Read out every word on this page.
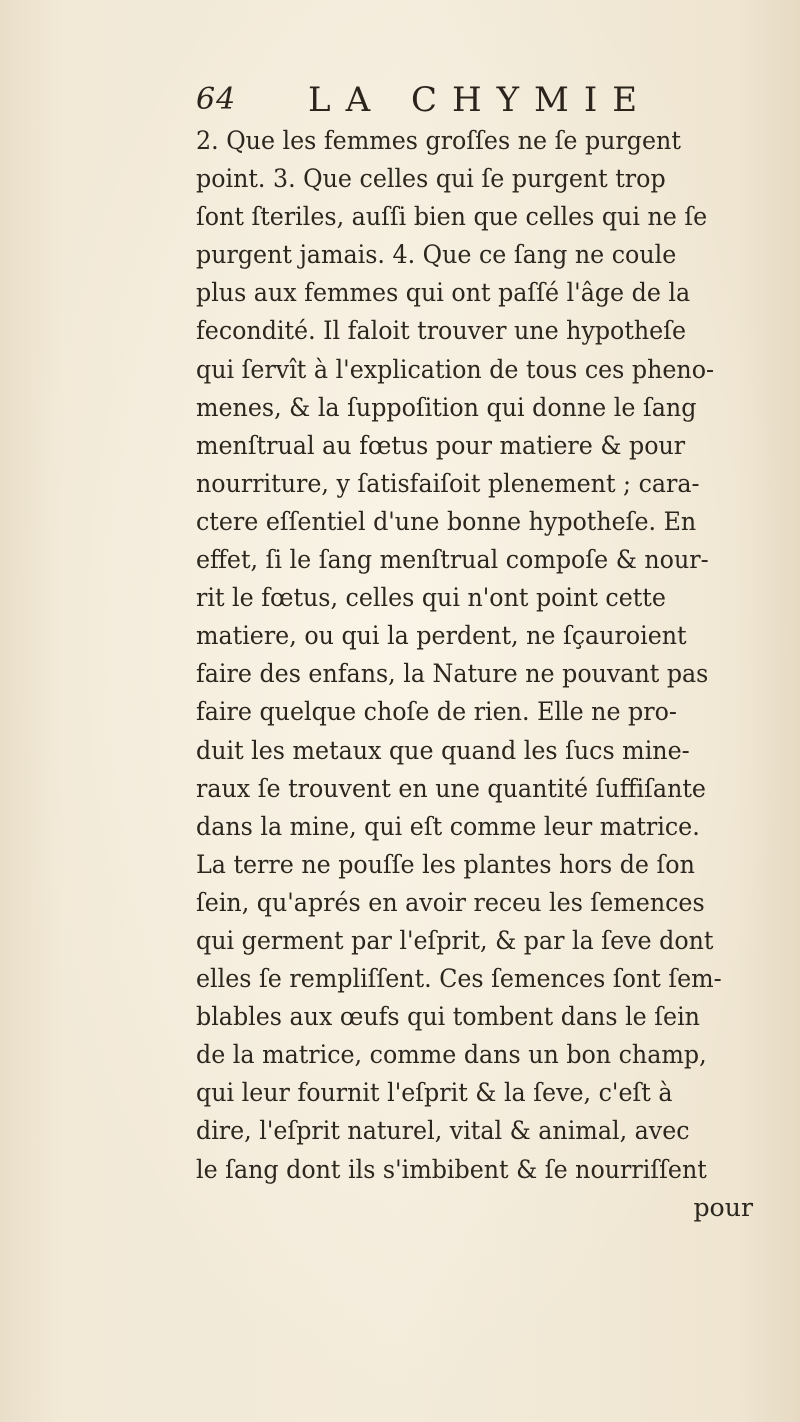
64 LA CHYMIE
2. Que les femmes groſſes ne ſe purgent
point. 3. Que celles qui ſe purgent trop
ſont ſteriles, auſſi bien que celles qui ne ſe
purgent jamais. 4. Que ce ſang ne coule
plus aux femmes qui ont paſſé l'âge de la
fecondité. Il faloit trouver une hypotheſe
qui ſervît à l'explication de tous ces pheno-
menes, & la ſuppoſition qui donne le ſang
menſtrual au fœtus pour matiere & pour
nourriture, y ſatisfaiſoit plenement ; cara-
ctere eſſentiel d'une bonne hypotheſe. En
effet, ſi le ſang menſtrual compoſe & nour-
rit le fœtus, celles qui n'ont point cette
matiere, ou qui la perdent, ne ſçauroient
faire des enfans, la Nature ne pouvant pas
faire quelque choſe de rien. Elle ne pro-
duit les metaux que quand les ſucs mine-
raux ſe trouvent en une quantité ſuffiſante
dans la mine, qui eſt comme leur matrice.
La terre ne pouſſe les plantes hors de ſon
ſein, qu'aprés en avoir receu les ſemences
qui germent par l'eſprit, & par la ſeve dont
elles ſe rempliſſent. Ces ſemences ſont ſem-
blables aux œufs qui tombent dans le ſein
de la matrice, comme dans un bon champ,
qui leur fournit l'eſprit & la ſeve, c'eſt à
dire, l'eſprit naturel, vital & animal, avec
le ſang dont ils s'imbibent & ſe nourriſſent
pour
